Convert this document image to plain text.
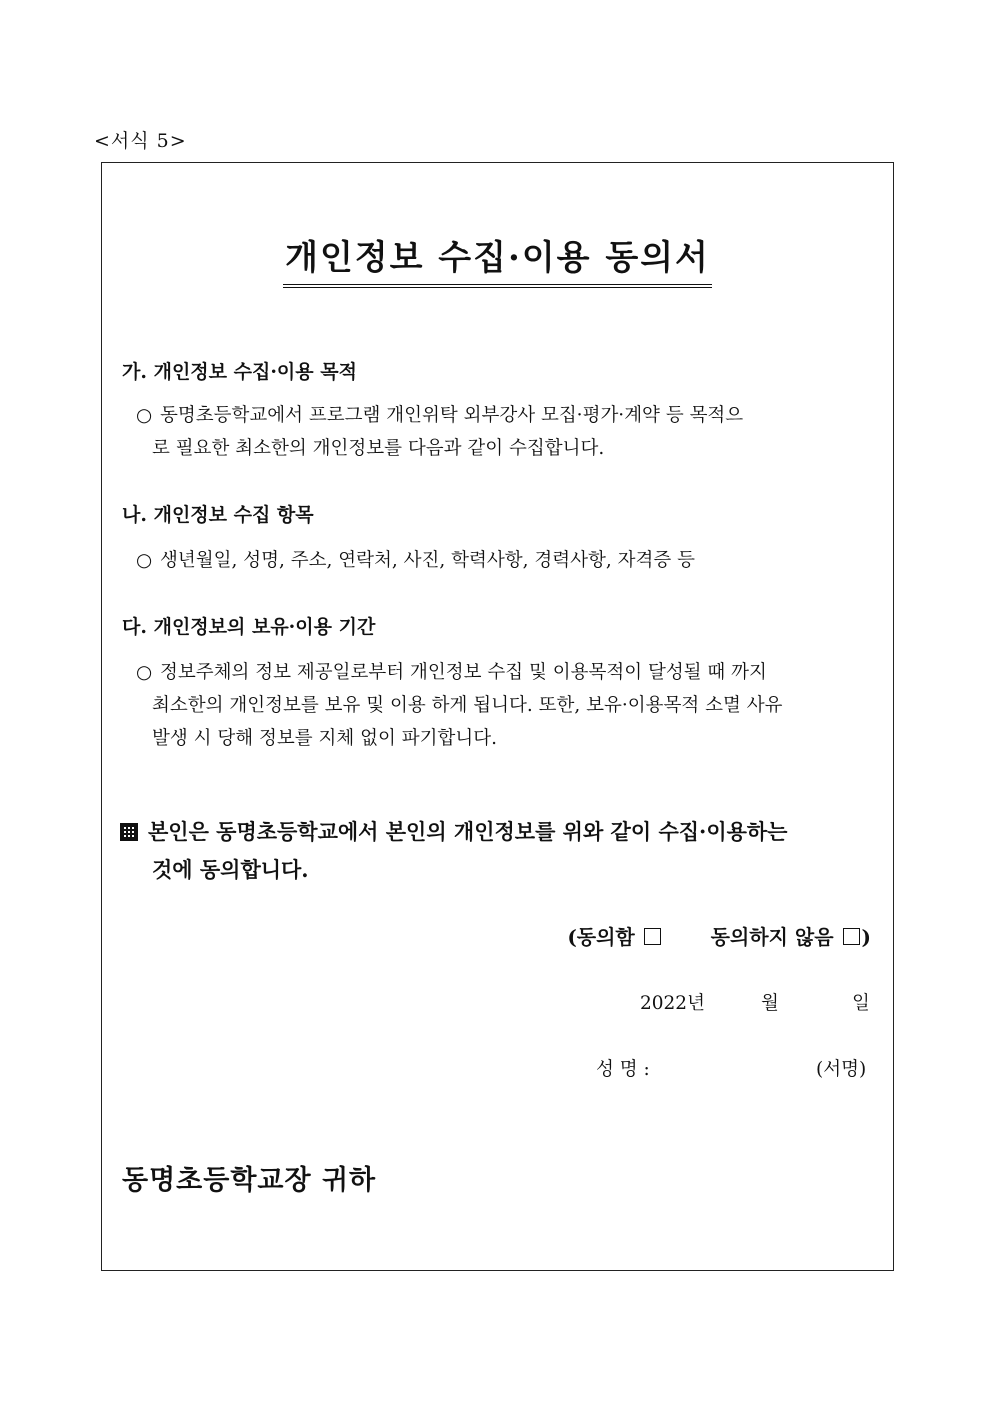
<서식 5>
개인정보 수집·이용 동의서
가. 개인정보 수집·이용 목적
○ 동명초등학교에서 프로그램 개인위탁 외부강사 모집·평가·계약 등 목적으
로 필요한 최소한의 개인정보를 다음과 같이 수집합니다.
나. 개인정보 수집 항목
○ 생년월일, 성명, 주소, 연락처, 사진, 학력사항, 경력사항, 자격증 등
다. 개인정보의 보유·이용 기간
○ 정보주체의 정보 제공일로부터 개인정보 수집 및 이용목적이 달성될 때 까지
최소한의 개인정보를 보유 및 이용 하게 됩니다. 또한, 보유·이용목적 소멸 사유
발생 시 당해 정보를 지체 없이 파기합니다.
본인은 동명초등학교에서 본인의 개인정보를 위와 같이 수집·이용하는
것에 동의합니다.
(동의함	동의하지 않음 )
2022년	월	일
성 명 :	(서명)
동명초등학교장 귀하
